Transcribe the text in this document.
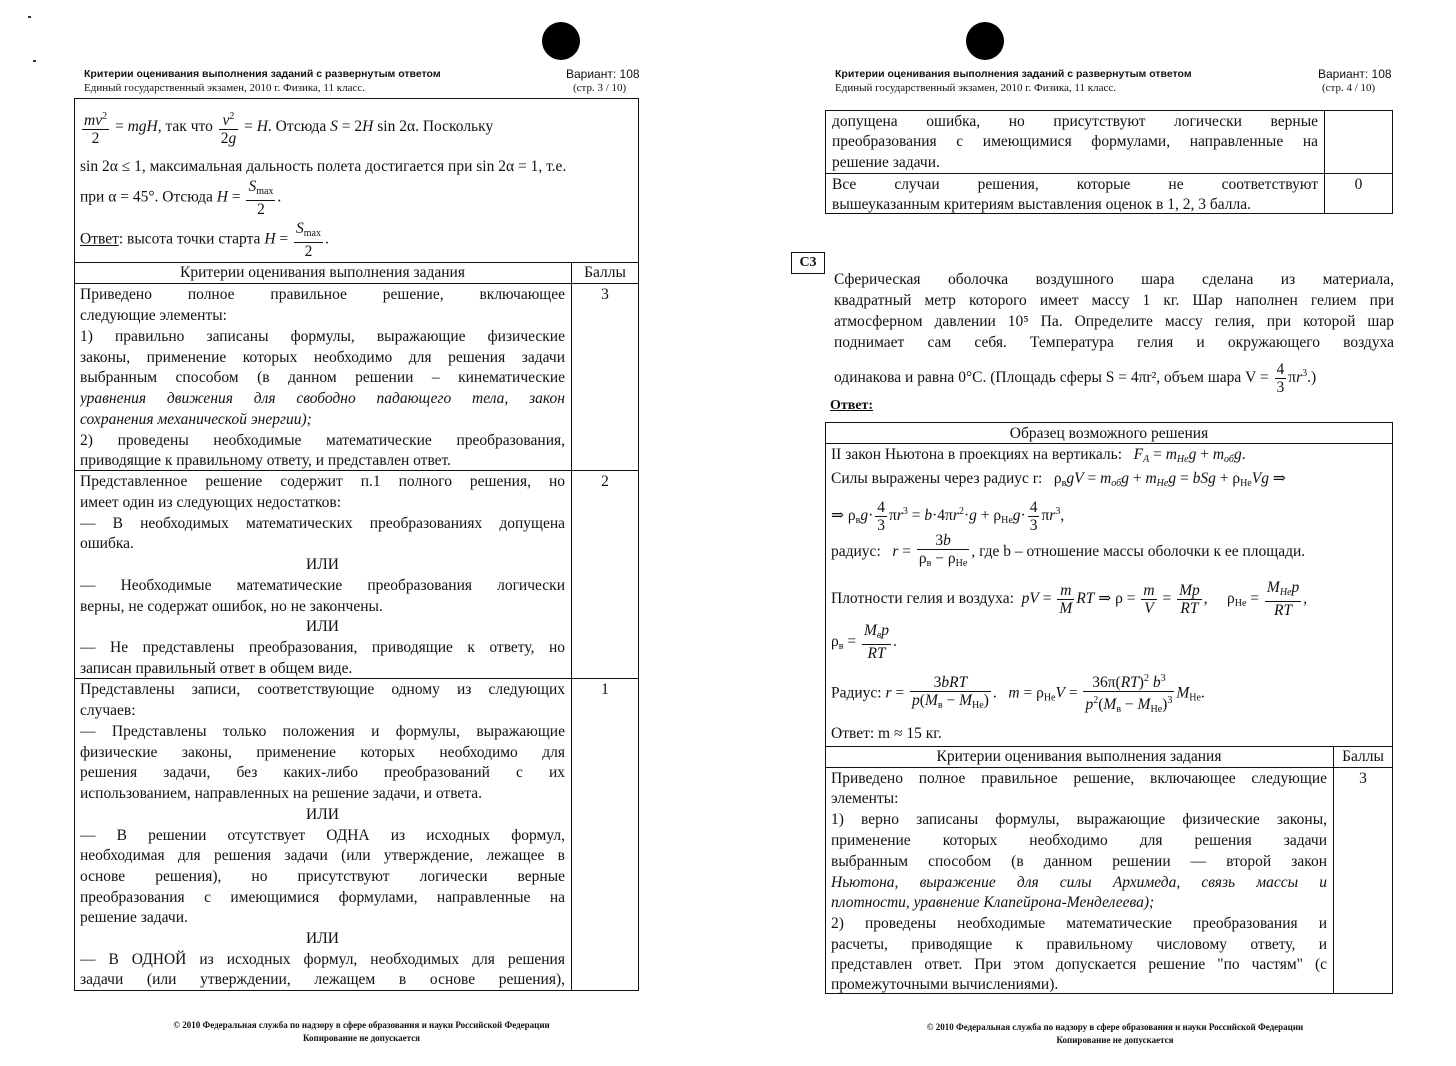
Критерии оценивания выполнения заданий с развернутым ответом
Единый государственный экзамен, 2010 г. Физика, 11 класс.
Вариант: 108
(стр. 3 / 10)
$\frac{mv^2}{2}$ = mgH, так что $\frac{v^2}{2g} = H$. Отсюда S = 2H sin 2α. Поскольку
sin 2α ≤ 1, максимальная дальность полета достигается при sin 2α = 1, т.е.
при α = 45°. Отсюда $H = \frac{S_{max}}{2}$ .
Ответ: высота точки старта $H = \frac{S_{max}}{2}$ .
Критерии оценивания выполнения задания	Баллы
3
Приведено полное правильное решение, включающее
следующие элементы:
1) правильно записаны формулы, выражающие физические
законы, применение которых необходимо для решения задачи
выбранным способом (в данном решении – кинематические
уравнения движения для свободно падающего тела, закон
сохранения механической энергии);
2) проведены необходимые математические преобразования,
приводящие к правильному ответу, и представлен ответ.
2
Представленное решение содержит п.1 полного решения, но
имеет один из следующих недостатков:
— В необходимых математических преобразованиях допущена
ошибка.
ИЛИ
— Необходимые математические преобразования логически
верны, не содержат ошибок, но не закончены.
ИЛИ
— Не представлены преобразования, приводящие к ответу, но
записан правильный ответ в общем виде.
1
Представлены записи, соответствующие одному из следующих
случаев:
— Представлены только положения и формулы, выражающие
физические законы, применение которых необходимо для
решения задачи, без каких-либо преобразований с их
использованием, направленных на решение задачи, и ответа.
ИЛИ
— В решении отсутствует ОДНА из исходных формул,
необходимая для решения задачи (или утверждение, лежащее в
основе решения), но присутствуют логически верные
преобразования с имеющимися формулами, направленные на
решение задачи.
ИЛИ
— В ОДНОЙ из исходных формул, необходимых для решения
задачи (или утверждении, лежащем в основе решения),
© 2010 Федеральная служба по надзору в сфере образования и науки Российской Федерации
Копирование не допускается
Критерии оценивания выполнения заданий с развернутым ответом
Единый государственный экзамен, 2010 г. Физика, 11 класс.
Вариант: 108
(стр. 4 / 10)
допущена ошибка, но присутствуют логически верные
преобразования с имеющимися формулами, направленные на
решение задачи.
0
Все случаи решения, которые не соответствуют
вышеуказанным критериям выставления оценок в 1, 2, 3 балла.
С3
Сферическая оболочка воздушного шара сделана из материала,
квадратный метр которого имеет массу 1 кг. Шар наполнен гелием при
атмосферном давлении 10⁵ Па. Определите массу гелия, при которой шар
поднимает сам себя. Температура гелия и окружающего воздуха
одинакова и равна 0°С. (Площадь сферы S = 4πr², объем шара $V = \frac{4}{3} \pi r^3$.)
Ответ:
Образец возможного решения
II закон Ньютона в проекциях на вертикаль: $F_A = m_{He}g + m_{об}g$.
Силы выражены через радиус r:   $\rho_вgV = m_{об}g + m_{He}g$ = bSg + $\rho_{He}Vg$ ⇒
⇒ $\rho_вg\cdot \frac{4}{3} \pi r^3 = b\cdot 4\pi r^2\cdot g + \rho_{He}g\cdot \frac{4}{3} \pi r^3$,
радиус: $r = \frac{3b}{\rho_в - \rho_{He}}$ , где b – отношение массы оболочки к ее площади.
Плотности гелия и воздуха: pV = $\frac{m}{M}$ RT ⇒ $\rho = \frac{m}{V} = \frac{Mp}{RT}$ ,     $\rho_{He} = \frac{M_{He}p}{RT}$ ,
$\rho_в = \frac{M_вp}{RT}$ .
Радиус: $r = \frac{\text{3bRT}}{p(M_в - M_{He})}$ .   $m = \rho_{He}V = \frac{36\pi(RT)^2 b^3}{p^2(M_в - M_{He})^3} M_{He}$.
Ответ: m ≈ 15 кг.
Критерии оценивания выполнения задания	Баллы
3
Приведено полное правильное решение, включающее следующие
элементы:
1) верно записаны формулы, выражающие физические законы,
применение которых необходимо для решения задачи
выбранным способом (в данном решении — второй закон
Ньютона, выражение для силы Архимеда, связь массы и
плотности, уравнение Клапейрона-Менделеева);
2) проведены необходимые математические преобразования и
расчеты, приводящие к правильному числовому ответу, и
представлен ответ. При этом допускается решение "по частям" (с
промежуточными вычислениями).
© 2010 Федеральная служба по надзору в сфере образования и науки Российской Федерации
Копирование не допускается
